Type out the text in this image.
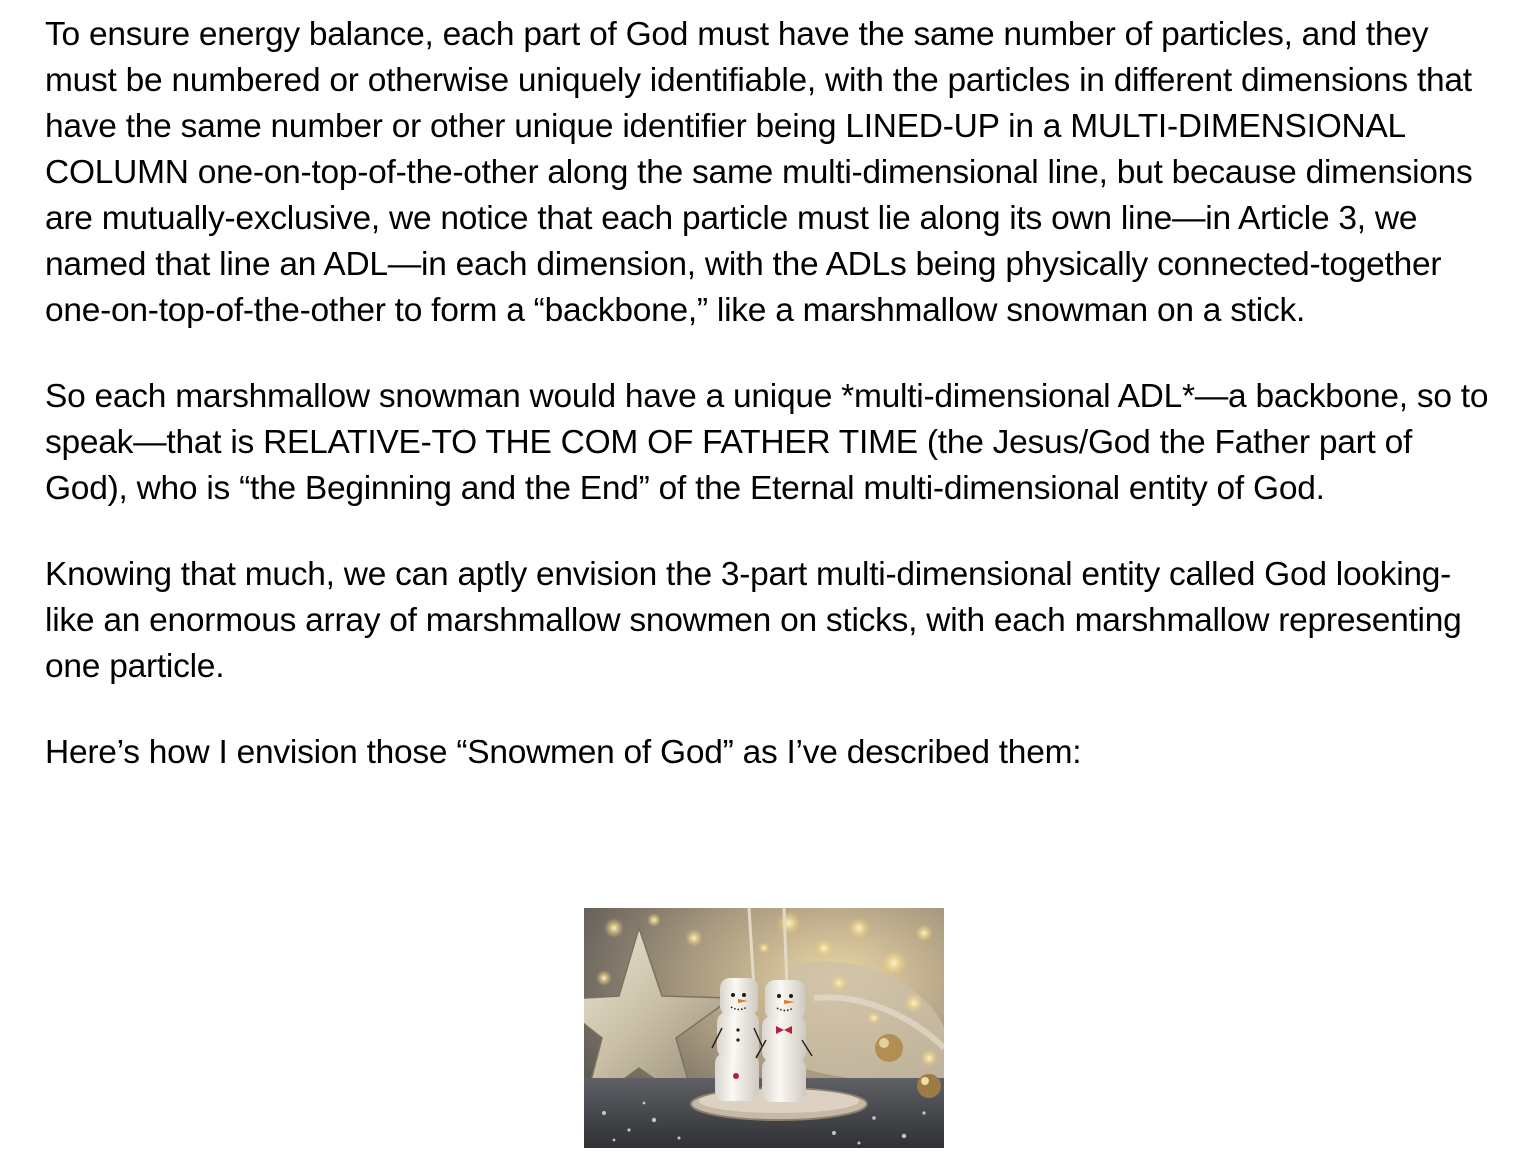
To ensure energy balance, each part of God must have the same number of particles, and they must be numbered or otherwise uniquely identifiable, with the particles in different dimensions that have the same number or other unique identifier being LINED-UP in a MULTI-DIMENSIONAL COLUMN one-on-top-of-the-other along the same multi-dimensional line, but because dimensions are mutually-exclusive, we notice that each particle must lie along its own line—in Article 3, we named that line an ADL—in each dimension, with the ADLs being physically connected-together one-on-top-of-the-other to form a “backbone,” like a marshmallow snowman on a stick.

So each marshmallow snowman would have a unique *multi-dimensional ADL*—a backbone, so to speak—that is RELATIVE-TO THE COM OF FATHER TIME (the Jesus/God the Father part of God), who is “the Beginning and the End” of the Eternal multi-dimensional entity of God.

Knowing that much, we can aptly envision the 3-part multi-dimensional entity called God looking-like an enormous array of marshmallow snowmen on sticks, with each marshmallow representing one particle.

Here’s how I envision those “Snowmen of God” as I’ve described them:
